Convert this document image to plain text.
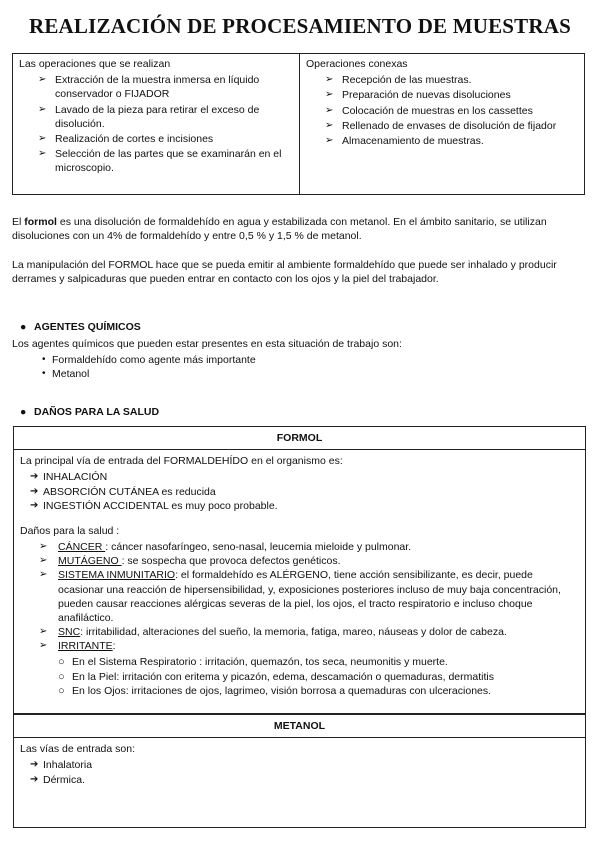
REALIZACIÓN DE PROCESAMIENTO DE MUESTRAS
Las operaciones que se realizan
➢ Extracción de la muestra inmersa en líquido conservador o FIJADOR
➢ Lavado de la pieza para retirar el exceso de disolución.
➢ Realización de cortes e incisiones
➢ Selección de las partes que se examinarán en el microscopio.
Operaciones conexas
➢ Recepción de las muestras.
➢ Preparación de nuevas disoluciones
➢ Colocación de muestras en los cassettes
➢ Rellenado de envases de disolución de fijador
➢ Almacenamiento de muestras.
El formol es una disolución de formaldehído en agua y estabilizada con metanol. En el ámbito sanitario, se utilizan disoluciones con un 4% de formaldehído y entre 0,5 % y 1,5 % de metanol.
La manipulación del FORMOL hace que se pueda emitir al ambiente formaldehído que puede ser inhalado y producir derrames y salpicaduras que pueden entrar en contacto con los ojos y la piel del trabajador.
● AGENTES QUÍMICOS
Los agentes químicos que pueden estar presentes en esta situación de trabajo son:
• Formaldehído como agente más importante
• Metanol
● DAÑOS PARA LA SALUD
FORMOL
La principal vía de entrada del FORMALDEHÍDO en el organismo es:
➔ INHALACIÓN
➔ ABSORCIÓN CUTÁNEA es reducida
➔ INGESTIÓN ACCIDENTAL es muy poco probable.
Daños para la salud :
➢ CÁNCER : cáncer nasofaríngeo, seno-nasal, leucemia mieloide y pulmonar.
➢ MUTÁGENO : se sospecha que provoca defectos genéticos.
➢ SISTEMA INMUNITARIO: el formaldehído es ALÉRGENO, tiene acción sensibilizante, es decir, puede ocasionar una reacción de hipersensibilidad, y, exposiciones posteriores incluso de muy baja concentración, pueden causar reacciones alérgicas severas de la piel, los ojos, el tracto respiratorio e incluso choque anafiláctico.
➢ SNC: irritabilidad, alteraciones del sueño, la memoria, fatiga, mareo, náuseas y dolor de cabeza.
➢ IRRITANTE:
○ En el Sistema Respiratorio : irritación, quemazón, tos seca, neumonitis y muerte.
○ En la Piel: irritación con eritema y picazón, edema, descamación o quemaduras, dermatitis
○ En los Ojos: irritaciones de ojos, lagrimeo, visión borrosa a quemaduras con ulceraciones.
METANOL
Las vías de entrada son:
➔ Inhalatoria
➔ Dérmica.
